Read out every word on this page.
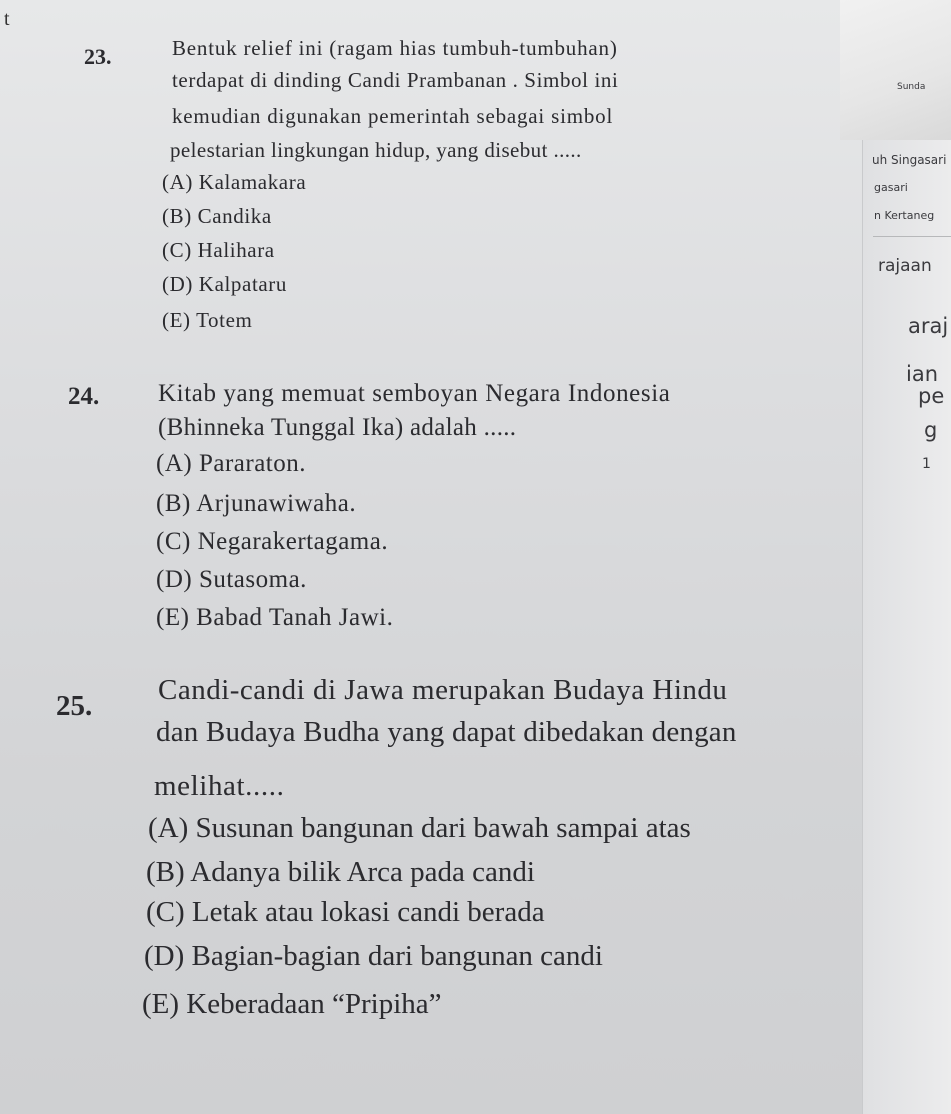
Sunda
uh Singasari
gasari
n Kertaneg
rajaan
araj
ian
pe
g
1
t
23.	Bentuk relief ini (ragam hias tumbuh-tumbuhan)
terdapat di dinding Candi Prambanan . Simbol ini
kemudian digunakan pemerintah sebagai simbol
pelestarian lingkungan hidup, yang disebut .....
(A) Kalamakara
(B) Candika
(C) Halihara
(D) Kalpataru
(E) Totem
24. Kitab yang memuat semboyan Negara Indonesia
(Bhinneka Tunggal Ika) adalah .....
(A) Pararaton.
(B) Arjunawiwaha.
(C) Negarakertagama.
(D) Sutasoma.
(E) Babad Tanah Jawi.
25. Candi-candi di Jawa merupakan Budaya Hindu
dan Budaya Budha yang dapat dibedakan dengan
melihat.....
(A) Susunan bangunan dari bawah sampai atas
(B) Adanya bilik Arca pada candi
(C) Letak atau lokasi candi berada
(D) Bagian-bagian dari bangunan candi
(E) Keberadaan “Pripiha”
